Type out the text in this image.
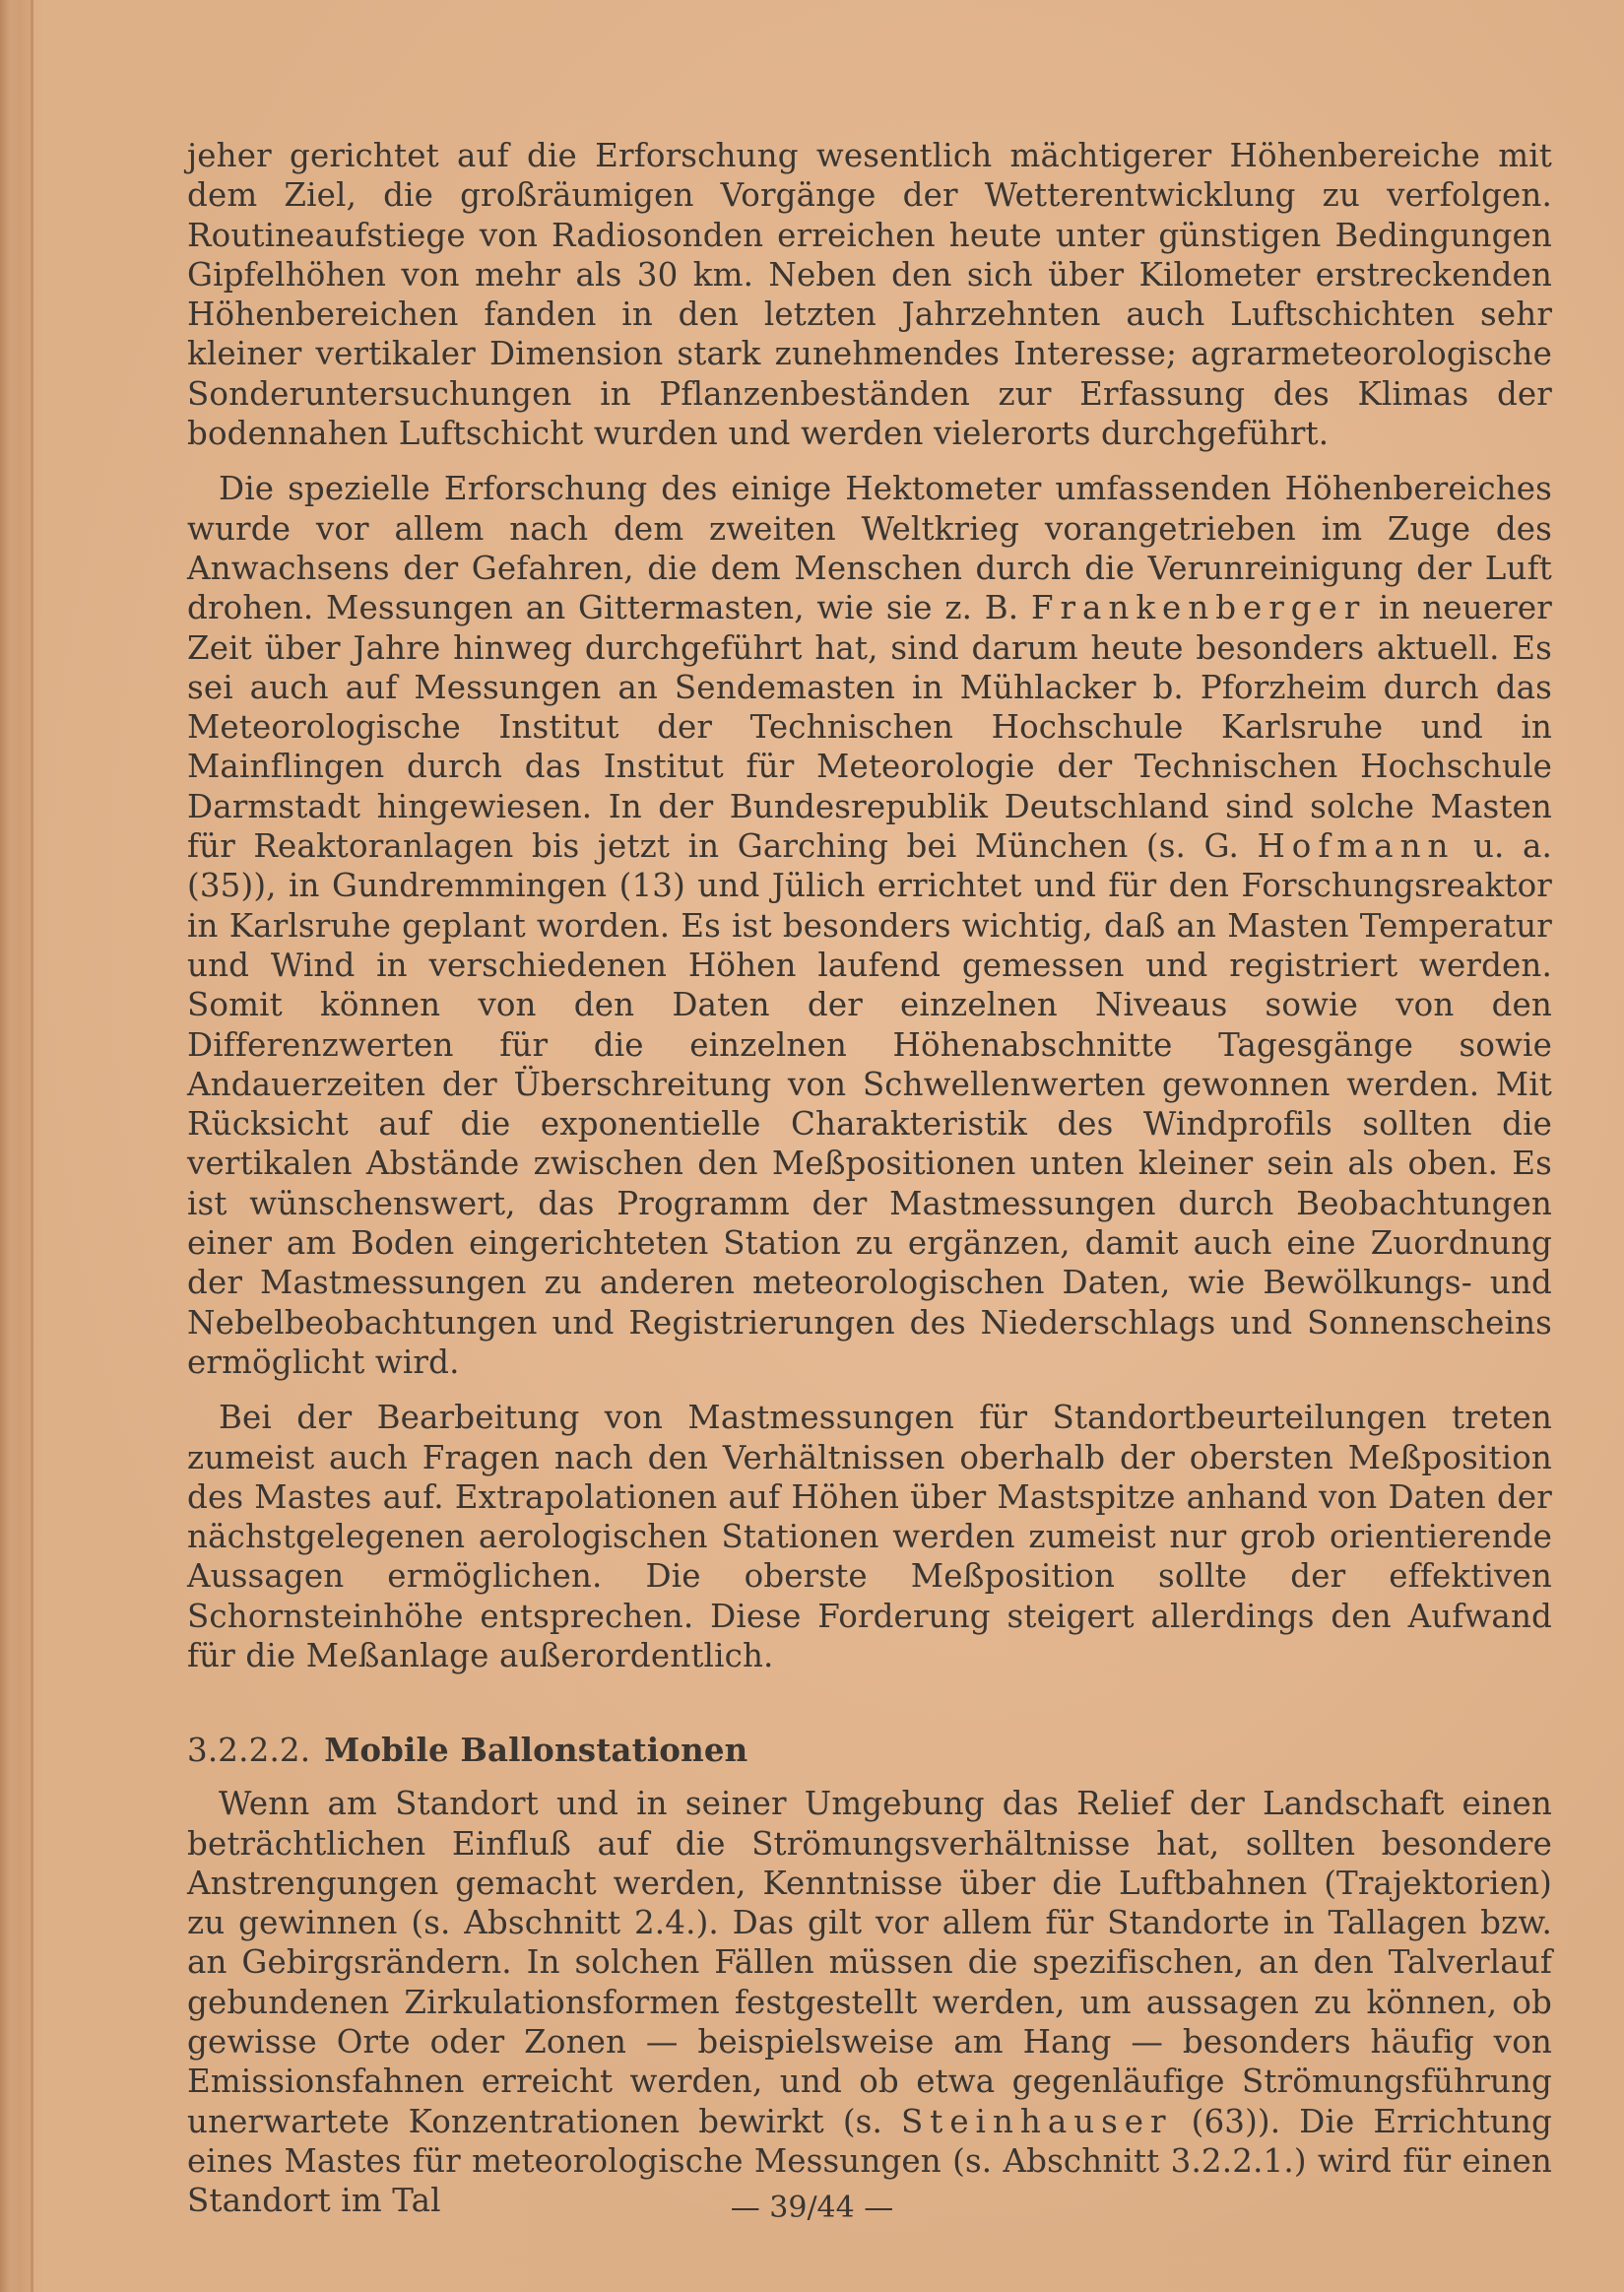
jeher gerichtet auf die Erforschung wesentlich mächtigerer Höhenbereiche mit dem Ziel, die großräumigen Vorgänge der Wetterentwicklung zu verfolgen. Routineaufstiege von Radiosonden erreichen heute unter günstigen Bedingungen Gipfelhöhen von mehr als 30 km. Neben den sich über Kilometer erstreckenden Höhenbereichen fanden in den letzten Jahrzehnten auch Luftschichten sehr kleiner vertikaler Dimension stark zunehmendes Interesse; agrarmeteorologische Sonderuntersuchungen in Pflanzenbeständen zur Erfassung des Klimas der bodennahen Luftschicht wurden und werden vielerorts durchgeführt.

Die spezielle Erforschung des einige Hektometer umfassenden Höhenbereiches wurde vor allem nach dem zweiten Weltkrieg vorangetrieben im Zuge des Anwachsens der Gefahren, die dem Menschen durch die Verunreinigung der Luft drohen. Messungen an Gittermasten, wie sie z. B. Frankenberger in neuerer Zeit über Jahre hinweg durchgeführt hat, sind darum heute besonders aktuell. Es sei auch auf Messungen an Sendemasten in Mühlacker b. Pforzheim durch das Meteorologische Institut der Technischen Hochschule Karlsruhe und in Mainflingen durch das Institut für Meteorologie der Technischen Hochschule Darmstadt hingewiesen. In der Bundesrepublik Deutschland sind solche Masten für Reaktoranlagen bis jetzt in Garching bei München (s. G. Hofmann u. a. (35)), in Gundremmingen (13) und Jülich errichtet und für den Forschungsreaktor in Karlsruhe geplant worden. Es ist besonders wichtig, daß an Masten Temperatur und Wind in verschiedenen Höhen laufend gemessen und registriert werden. Somit können von den Daten der einzelnen Niveaus sowie von den Differenzwerten für die einzelnen Höhenabschnitte Tagesgänge sowie Andauerzeiten der Überschreitung von Schwellenwerten gewonnen werden. Mit Rücksicht auf die exponentielle Charakteristik des Windprofils sollten die vertikalen Abstände zwischen den Meßpositionen unten kleiner sein als oben. Es ist wünschenswert, das Programm der Mastmessungen durch Beobachtungen einer am Boden eingerichteten Station zu ergänzen, damit auch eine Zuordnung der Mastmessungen zu anderen meteorologischen Daten, wie Bewölkungs- und Nebelbeobachtungen und Registrierungen des Niederschlags und Sonnenscheins ermöglicht wird.

Bei der Bearbeitung von Mastmessungen für Standortbeurteilungen treten zumeist auch Fragen nach den Verhältnissen oberhalb der obersten Meßposition des Mastes auf. Extrapolationen auf Höhen über Mastspitze anhand von Daten der nächstgelegenen aerologischen Stationen werden zumeist nur grob orientierende Aussagen ermöglichen. Die oberste Meßposition sollte der effektiven Schornsteinhöhe entsprechen. Diese Forderung steigert allerdings den Aufwand für die Meßanlage außerordentlich.

3.2.2.2. Mobile Ballonstationen

Wenn am Standort und in seiner Umgebung das Relief der Landschaft einen beträchtlichen Einfluß auf die Strömungsverhältnisse hat, sollten besondere Anstrengungen gemacht werden, Kenntnisse über die Luftbahnen (Trajektorien) zu gewinnen (s. Abschnitt 2.4.). Das gilt vor allem für Standorte in Tallagen bzw. an Gebirgsrändern. In solchen Fällen müssen die spezifischen, an den Talverlauf gebundenen Zirkulationsformen festgestellt werden, um aussagen zu können, ob gewisse Orte oder Zonen — beispielsweise am Hang — besonders häufig von Emissionsfahnen erreicht werden, und ob etwa gegenläufige Strömungsführung unerwartete Konzentrationen bewirkt (s. Steinhauser (63)). Die Errichtung eines Mastes für meteorologische Messungen (s. Abschnitt 3.2.2.1.) wird für einen Standort im Tal	— 39/44 —
